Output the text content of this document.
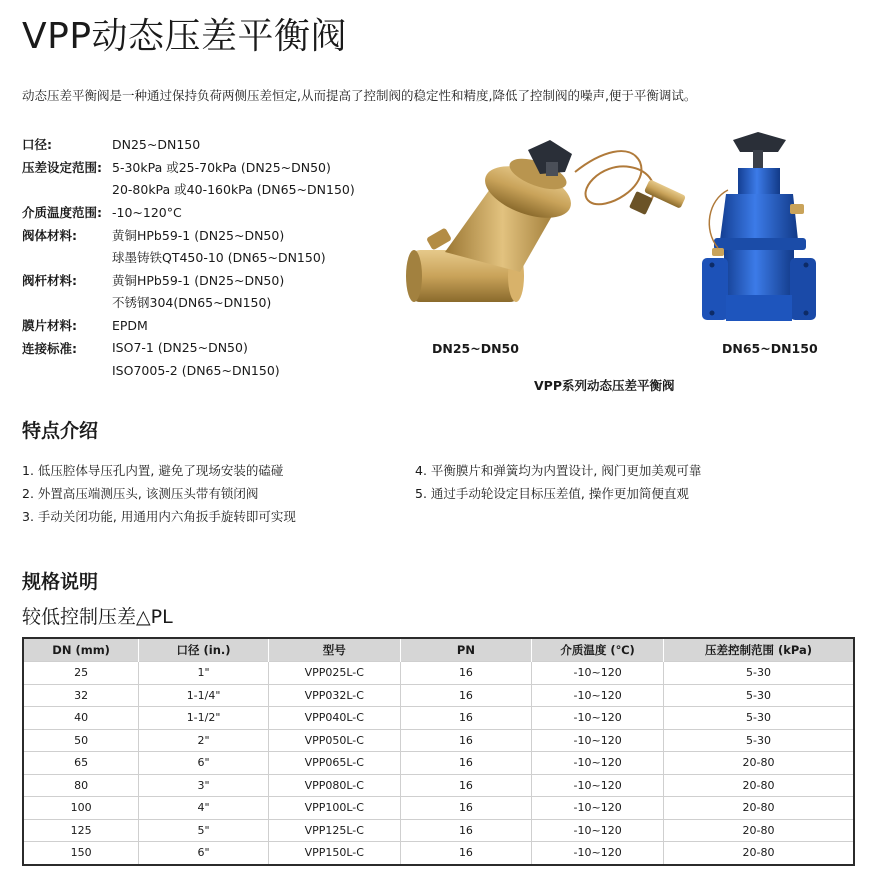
VPP动态压差平衡阀
动态压差平衡阀是一种通过保持负荷两侧压差恒定,从而提高了控制阀的稳定性和精度,降低了控制阀的噪声,便于平衡调试。
口径:	DN25~DN150
压差设定范围: 5-30kPa 或25-70kPa (DN25~DN50)
20-80kPa 或40-160kPa (DN65~DN150)
介质温度范围: -10~120°C
阀体材料:	黄铜HPb59-1 (DN25~DN50)
球墨铸铁QT450-10 (DN65~DN150)
阀杆材料:	黄铜HPb59-1 (DN25~DN50)
不锈钢304(DN65~DN150)
膜片材料:	EPDM
连接标准:	ISO7-1 (DN25~DN50)
ISO7005-2 (DN65~DN150)
DN25~DN50	DN65~DN150
VPP系列动态压差平衡阀
特点介绍
1. 低压腔体导压孔内置, 避免了现场安装的磕碰
2. 外置高压端测压头, 该测压头带有锁闭阀
3. 手动关闭功能, 用通用内六角扳手旋转即可实现
4. 平衡膜片和弹簧均为内置设计, 阀门更加美观可靠
5. 通过手动轮设定目标压差值, 操作更加简便直观
规格说明
较低控制压差△PL
DN (mm)	口径 (in.)	型号	PN	介质温度 (℃)	压差控制范围 (kPa)
25	1"	VPP025L-C	16	-10~120	5-30
32	1-1/4"	VPP032L-C	16	-10~120	5-30
40	1-1/2"	VPP040L-C	16	-10~120	5-30
50	2"	VPP050L-C	16	-10~120	5-30
65	6"	VPP065L-C	16	-10~120	20-80
80	3"	VPP080L-C	16	-10~120	20-80
100	4"	VPP100L-C	16	-10~120	20-80
125	5"	VPP125L-C	16	-10~120	20-80
150	6"	VPP150L-C	16	-10~120	20-80
